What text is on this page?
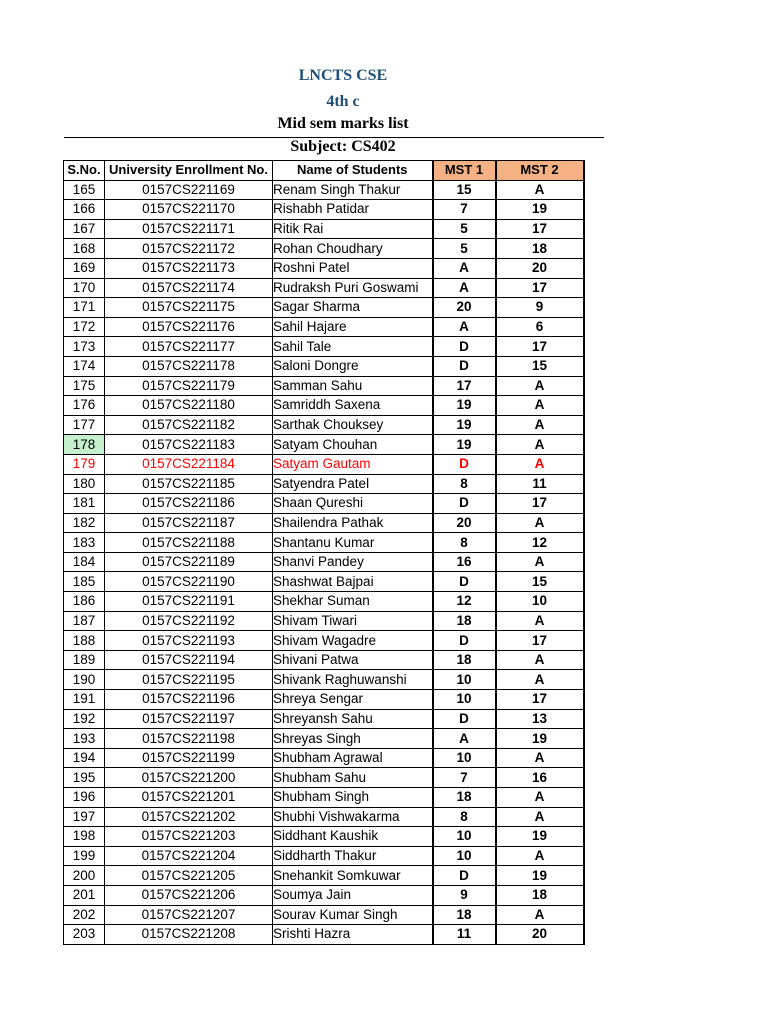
LNCTS CSE
4th c
Mid sem marks list
Subject: CS402
S.No.	University Enrollment No.	Name of Students	MST 1	MST 2
165	0157CS221169	Renam Singh Thakur	15	A
166	0157CS221170	Rishabh Patidar	7	19
167	0157CS221171	Ritik Rai	5	17
168	0157CS221172	Rohan Choudhary	5	18
169	0157CS221173	Roshni Patel	A	20
170	0157CS221174	Rudraksh Puri Goswami	A	17
171	0157CS221175	Sagar Sharma	20	9
172	0157CS221176	Sahil Hajare	A	6
173	0157CS221177	Sahil Tale	D	17
174	0157CS221178	Saloni Dongre	D	15
175	0157CS221179	Samman Sahu	17	A
176	0157CS221180	Samriddh Saxena	19	A
177	0157CS221182	Sarthak Chouksey	19	A
178	0157CS221183	Satyam Chouhan	19	A
179	0157CS221184	Satyam Gautam	D	A
180	0157CS221185	Satyendra Patel	8	11
181	0157CS221186	Shaan Qureshi	D	17
182	0157CS221187	Shailendra Pathak	20	A
183	0157CS221188	Shantanu Kumar	8	12
184	0157CS221189	Shanvi Pandey	16	A
185	0157CS221190	Shashwat Bajpai	D	15
186	0157CS221191	Shekhar Suman	12	10
187	0157CS221192	Shivam Tiwari	18	A
188	0157CS221193	Shivam Wagadre	D	17
189	0157CS221194	Shivani Patwa	18	A
190	0157CS221195	Shivank Raghuwanshi	10	A
191	0157CS221196	Shreya Sengar	10	17
192	0157CS221197	Shreyansh Sahu	D	13
193	0157CS221198	Shreyas Singh	A	19
194	0157CS221199	Shubham Agrawal	10	A
195	0157CS221200	Shubham Sahu	7	16
196	0157CS221201	Shubham Singh	18	A
197	0157CS221202	Shubhi Vishwakarma	8	A
198	0157CS221203	Siddhant Kaushik	10	19
199	0157CS221204	Siddharth Thakur	10	A
200	0157CS221205	Snehankit Somkuwar	D	19
201	0157CS221206	Soumya Jain	9	18
202	0157CS221207	Sourav Kumar Singh	18	A
203	0157CS221208	Srishti Hazra	11	20
